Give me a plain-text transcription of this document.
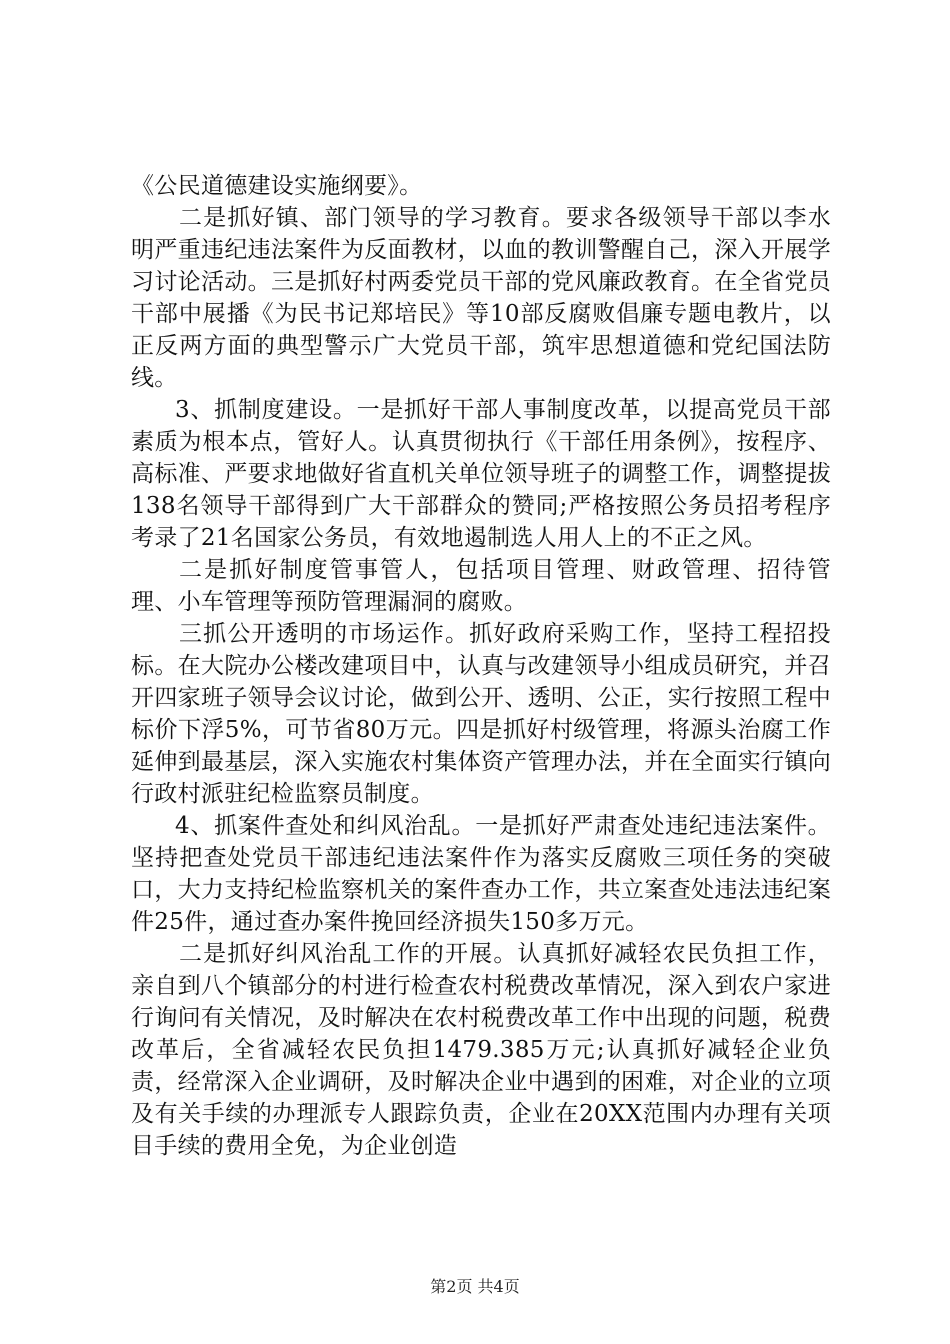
《公民道德建设实施纲要》。

二是抓好镇、部门领导的学习教育。要求各级领导干部以李水明严重违纪违法案件为反面教材，以血的教训警醒自己，深入开展学习讨论活动。三是抓好村两委党员干部的党风廉政教育。在全省党员干部中展播《为民书记郑培民》等10部反腐败倡廉专题电教片，以正反两方面的典型警示广大党员干部，筑牢思想道德和党纪国法防线。

3、抓制度建设。一是抓好干部人事制度改革，以提高党员干部素质为根本点，管好人。认真贯彻执行《干部任用条例》，按程序、高标准、严要求地做好省直机关单位领导班子的调整工作，调整提拔138名领导干部得到广大干部群众的赞同;严格按照公务员招考程序考录了21名国家公务员，有效地遏制选人用人上的不正之风。

二是抓好制度管事管人，包括项目管理、财政管理、招待管理、小车管理等预防管理漏洞的腐败。

三抓公开透明的市场运作。抓好政府采购工作，坚持工程招投标。在大院办公楼改建项目中，认真与改建领导小组成员研究，并召开四家班子领导会议讨论，做到公开、透明、公正，实行按照工程中标价下浮5%，可节省80万元。四是抓好村级管理，将源头治腐工作延伸到最基层，深入实施农村集体资产管理办法，并在全面实行镇向行政村派驻纪检监察员制度。

4、抓案件查处和纠风治乱。一是抓好严肃查处违纪违法案件。坚持把查处党员干部违纪违法案件作为落实反腐败三项任务的突破口，大力支持纪检监察机关的案件查办工作，共立案查处违法违纪案件25件，通过查办案件挽回经济损失150多万元。

二是抓好纠风治乱工作的开展。认真抓好减轻农民负担工作，亲自到八个镇部分的村进行检查农村税费改革情况，深入到农户家进行询问有关情况，及时解决在农村税费改革工作中出现的问题，税费改革后，全省减轻农民负担1479.385万元;认真抓好减轻企业负责，经常深入企业调研，及时解决企业中遇到的困难，对企业的立项及有关手续的办理派专人跟踪负责，企业在20XX范围内办理有关项目手续的费用全免，为企业创造

第2页 共4页
